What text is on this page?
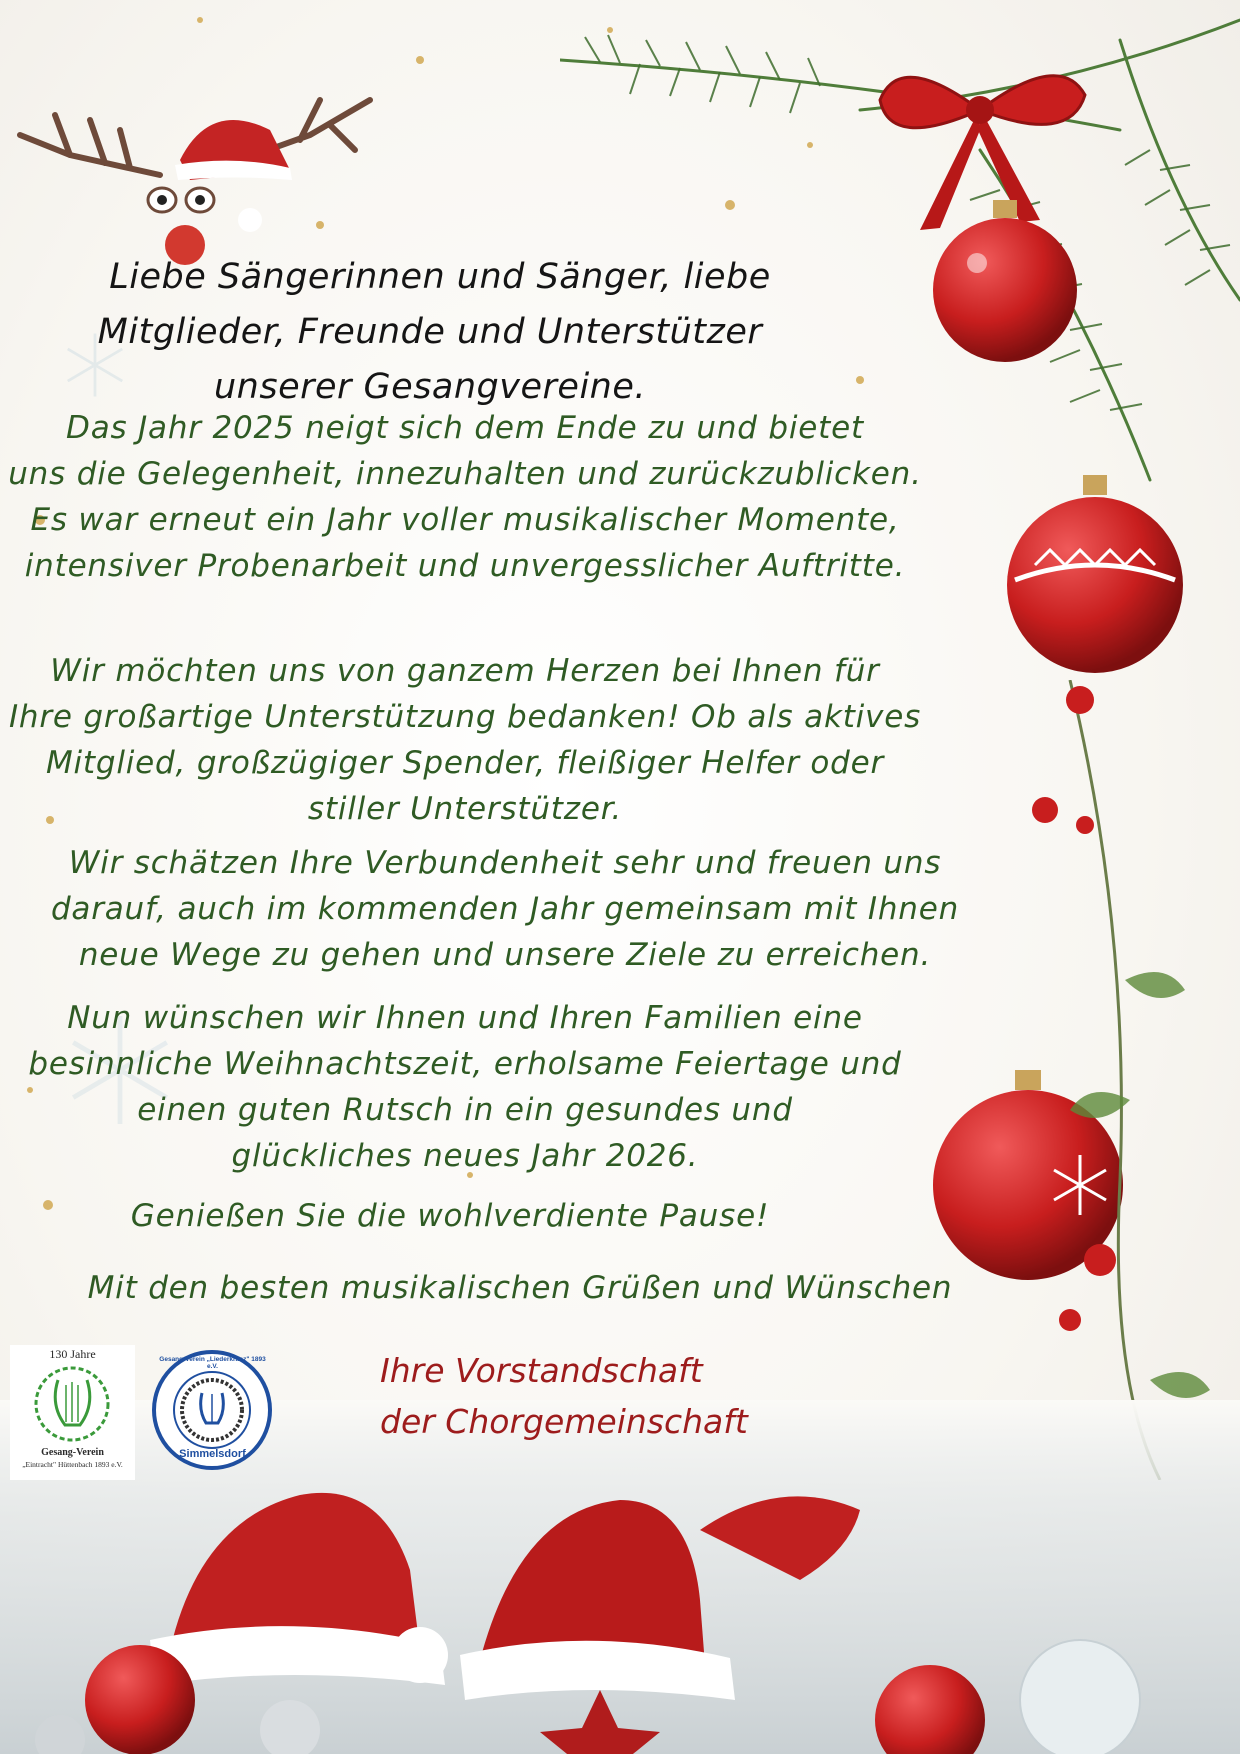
Liebe Sängerinnen und Sänger, liebe
Mitglieder, Freunde und Unterstützer
unserer Gesangvereine.
Das Jahr 2025 neigt sich dem Ende zu und bietet
uns die Gelegenheit, innezuhalten und zurückzublicken.
Es war erneut ein Jahr voller musikalischer Momente,
intensiver Probenarbeit und unvergesslicher Auftritte.
Wir möchten uns von ganzem Herzen bei Ihnen für
Ihre großartige Unterstützung bedanken! Ob als aktives
Mitglied, großzügiger Spender, fleißiger Helfer oder
stiller Unterstützer.
Wir schätzen Ihre Verbundenheit sehr und freuen uns
darauf, auch im kommenden Jahr gemeinsam mit Ihnen
neue Wege zu gehen und unsere Ziele zu erreichen.
Nun wünschen wir Ihnen und Ihren Familien eine
besinnliche Weihnachtszeit, erholsame Feiertage und
einen guten Rutsch in ein gesundes und
glückliches neues Jahr 2026.
Genießen Sie die wohlverdiente Pause!
Mit den besten musikalischen Grüßen und Wünschen
Ihre Vorstandschaft
der Chorgemeinschaft
130 Jahre
Gesang-Verein
„Eintracht" Hüttenbach 1893 e.V.
Gesang-Verein „Liederkranz" 1893 e.V.
Simmelsdorf
